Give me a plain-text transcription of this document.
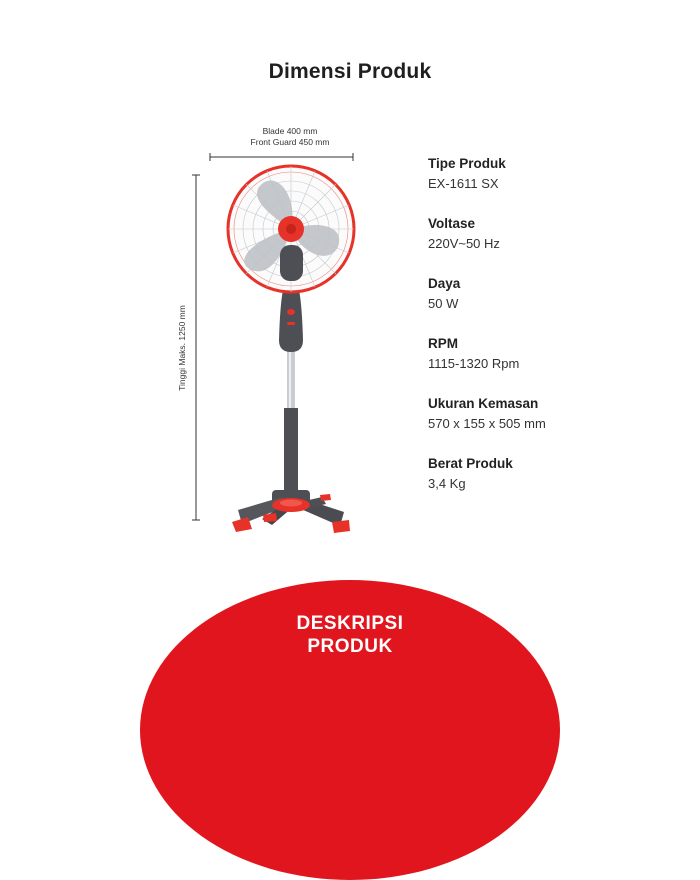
Dimensi Produk
Blade 400 mm
Front Guard 450 mm
Tinggi Maks. 1250 mm
Tipe Produk
EX-1611 SX
Voltase
220V~50 Hz
Daya
50 W
RPM
1115-1320 Rpm
Ukuran Kemasan
570 x 155 x 505 mm
Berat Produk
3,4 Kg
DESKRIPSI
PRODUK
